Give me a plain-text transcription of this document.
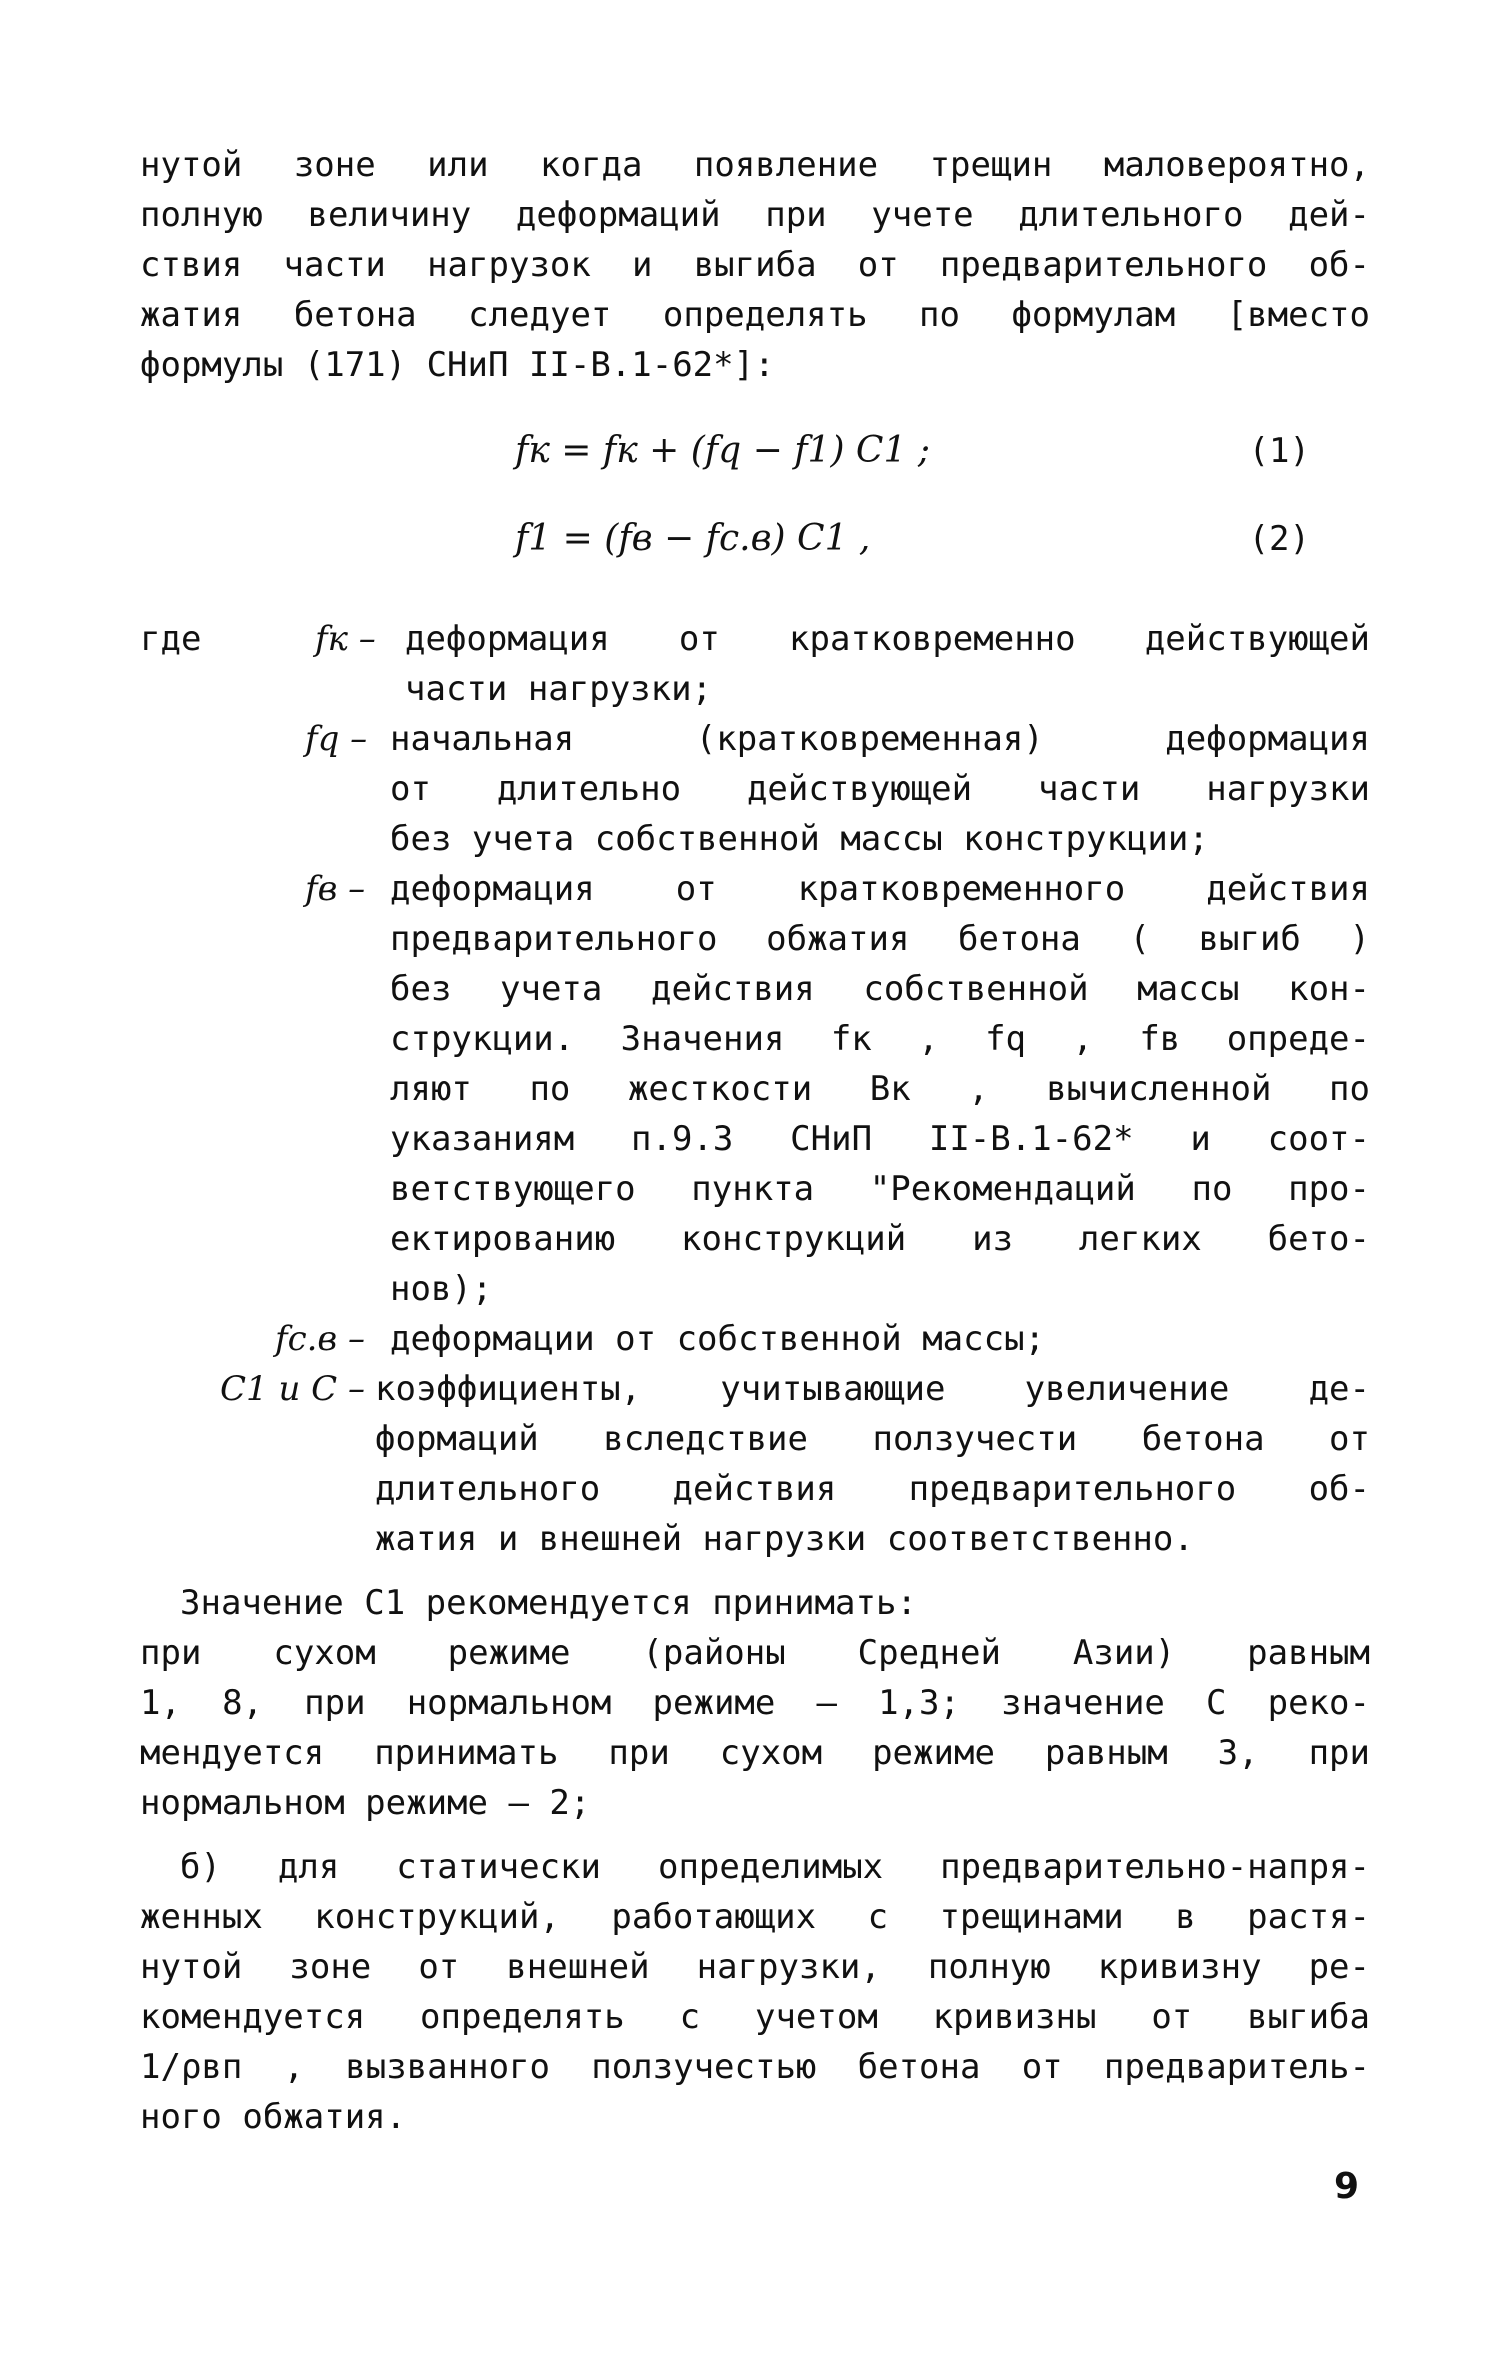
нутой зоне или когда появление трещин маловероятно,
полную величину деформаций при учете длительного дей-
ствия части нагрузок и выгиба от предварительного об-
жатия бетона следует определять по формулам [вместо
формулы (171) СНиП II-В.1-62*]:
fк = fк + (fq − f1) C1 ;	(1)
f1 = (fв − fс.в) C1 ,	(2)
где	fк – деформация от кратковременно действующей
части нагрузки;
fq – начальная (кратковременная) деформация
от длительно действующей части нагрузки
без учета собственной массы конструкции;
fв – деформация от кратковременного действия
предварительного обжатия бетона ( выгиб )
без учета действия собственной массы кон-
струкции. Значения fк , fq , fв опреде-
ляют по жесткости Bк , вычисленной по
указаниям п.9.3 СНиП II-В.1-62* и соот-
ветствующего пункта "Рекомендаций по про-
ектированию конструкций из легких бето-
нов);
fс.в – деформации от собственной массы;
C1 и C – коэффициенты, учитывающие увеличение де-
формаций вследствие ползучести бетона от
длительного действия предварительного об-
жатия и внешней нагрузки соответственно.
Значение C1 рекомендуется принимать:
при сухом режиме (районы Средней Азии) равным
1, 8, при нормальном режиме – 1,3; значение C реко-
мендуется принимать при сухом режиме равным 3, при
нормальном режиме – 2;
б) для статически определимых предварительно-напря-
женных конструкций, работающих с трещинами в растя-
нутой зоне от внешней нагрузки, полную кривизну ре-
комендуется определять с учетом кривизны от выгиба
1/ρвп , вызванного ползучестью бетона от предваритель-
ного обжатия.
9
